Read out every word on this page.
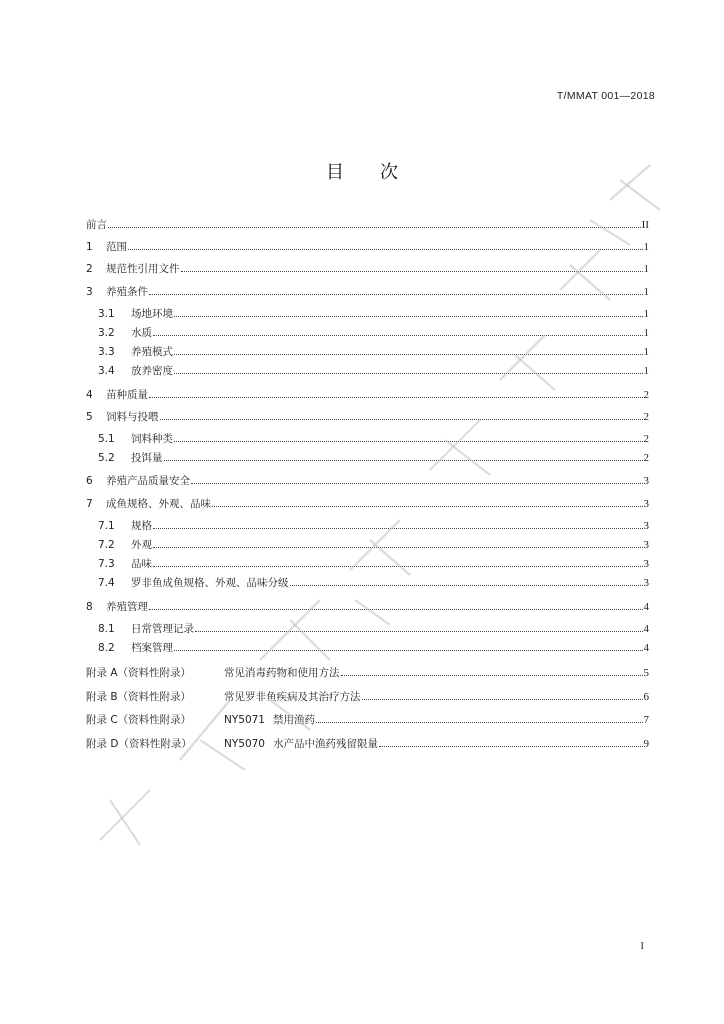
T/MMAT 001—2018
目 次
前言	II
1	范围	1
2	规范性引用文件	1
3	养殖条件	1
3.1	场地环境	1
3.2	水质	1
3.3	养殖模式	1
3.4	放养密度	1
4	苗种质量	2
5	饲料与投喂	2
5.1	饲料种类	2
5.2	投饵量	2
6	养殖产品质量安全	3
7	成鱼规格、外观、品味	3
7.1	规格	3
7.2	外观	3
7.3	品味	3
7.4	罗非鱼成鱼规格、外观、品味分级	3
8	养殖管理	4
8.1	日常管理记录	4
8.2	档案管理	4
附录 A（资料性附录）	常见消毒药物和使用方法	5
附录 B（资料性附录）	常见罗非鱼疾病及其治疗方法	6
附录 C（资料性附录）	NY5071 禁用渔药	7
附录 D（资料性附录）	NY5070 水产品中渔药残留限量	9
I
